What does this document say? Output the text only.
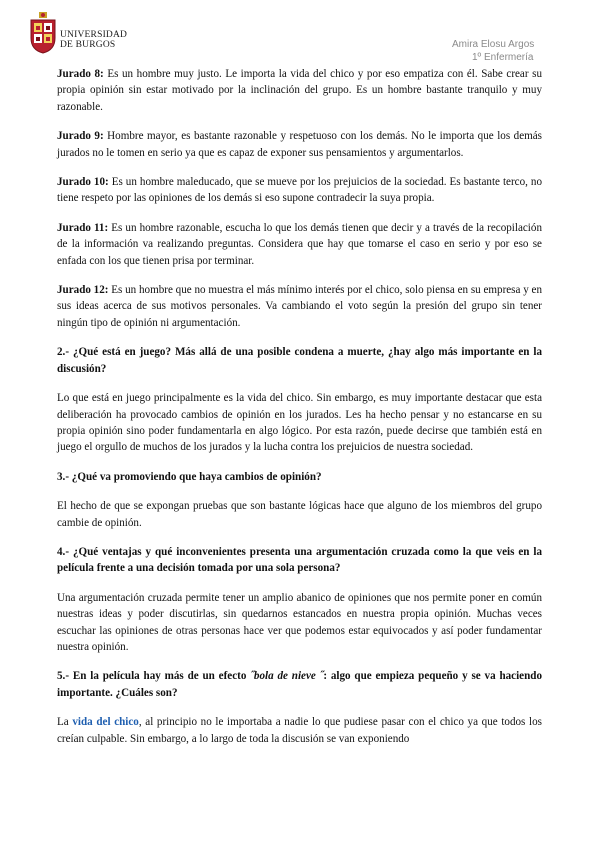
UNIVERSIDAD
DE BURGOS	Amira Elosu Argos
1º Enfermería

Jurado 8: Es un hombre muy justo. Le importa la vida del chico y por eso empatiza con él. Sabe crear su propia opinión sin estar motivado por la inclinación del grupo. Es un hombre bastante tranquilo y muy razonable.

Jurado 9: Hombre mayor, es bastante razonable y respetuoso con los demás. No le importa que los demás jurados no le tomen en serio ya que es capaz de exponer sus pensamientos y argumentarlos.

Jurado 10: Es un hombre maleducado, que se mueve por los prejuicios de la sociedad. Es bastante terco, no tiene respeto por las opiniones de los demás si eso supone contradecir la suya propia.

Jurado 11: Es un hombre razonable, escucha lo que los demás tienen que decir y a través de la recopilación de la información va realizando preguntas. Considera que hay que tomarse el caso en serio y por eso se enfada con los que tienen prisa por terminar.

Jurado 12: Es un hombre que no muestra el más mínimo interés por el chico, solo piensa en su empresa y en sus ideas acerca de sus motivos personales. Va cambiando el voto según la presión del grupo sin tener ningún tipo de opinión ni argumentación.

2.- ¿Qué está en juego? Más allá de una posible condena a muerte, ¿hay algo más importante en la discusión?

Lo que está en juego principalmente es la vida del chico. Sin embargo, es muy importante destacar que esta deliberación ha provocado cambios de opinión en los jurados. Les ha hecho pensar y no estancarse en su propia opinión sino poder fundamentarla en algo lógico. Por esta razón, puede decirse que también está en juego el orgullo de muchos de los jurados y la lucha contra los prejuicios de nuestra sociedad.

3.- ¿Qué va promoviendo que haya cambios de opinión?

El hecho de que se expongan pruebas que son bastante lógicas hace que alguno de los miembros del grupo cambie de opinión.

4.- ¿Qué ventajas y qué inconvenientes presenta una argumentación cruzada como la que veis en la película frente a una decisión tomada por una sola persona?

Una argumentación cruzada permite tener un amplio abanico de opiniones que nos permite poner en común nuestras ideas y poder discutirlas, sin quedarnos estancados en nuestra propia opinión. Muchas veces escuchar las opiniones de otras personas hace ver que podemos estar equivocados y así poder fundamentar nuestra opinión.

5.- En la película hay más de un efecto ˝bola de nieve ˝: algo que empieza pequeño y se va haciendo importante. ¿Cuáles son?

La vida del chico, al principio no le importaba a nadie lo que pudiese pasar con el chico ya que todos los creían culpable. Sin embargo, a lo largo de toda la discusión se van exponiendo
